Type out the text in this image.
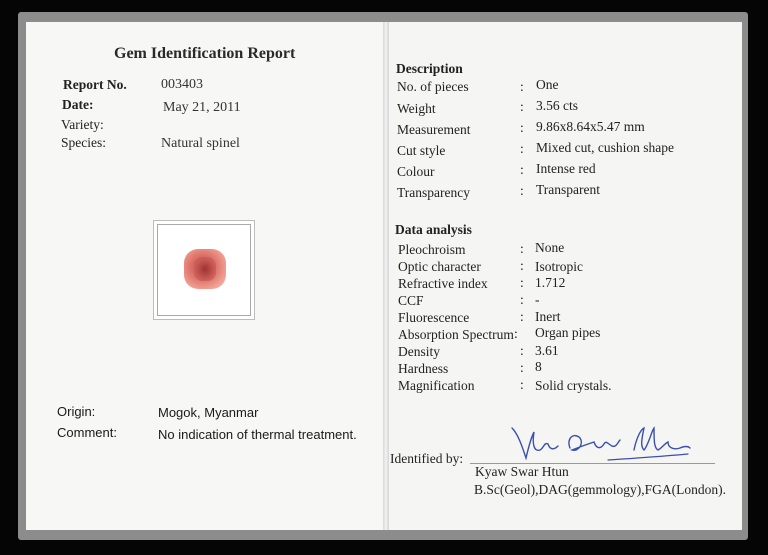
Gem Identification Report
Report No. 003403
Date:	May 21, 2011
Variety:
Species:	Natural spinel
Origin:	Mogok, Myanmar
Comment:	No indication of thermal treatment.
Description
No. of pieces	: One
Weight	: 3.56 cts
Measurement	: 9.86x8.64x5.47 mm
Cut style	: Mixed cut, cushion shape
Colour	: Intense red
Transparency	: Transparent
Data analysis
Pleochroism	: None
Optic character	: Isotropic
Refractive index : 1.712
CCF	: -
Fluorescence	: Inert
Absorption Spectrum : Organ pipes
Density	: 3.61
Hardness	: 8
Magnification	: Solid crystals.
Identified by:
Kyaw Swar Htun
B.Sc(Geol),DAG(gemmology),FGA(London).
